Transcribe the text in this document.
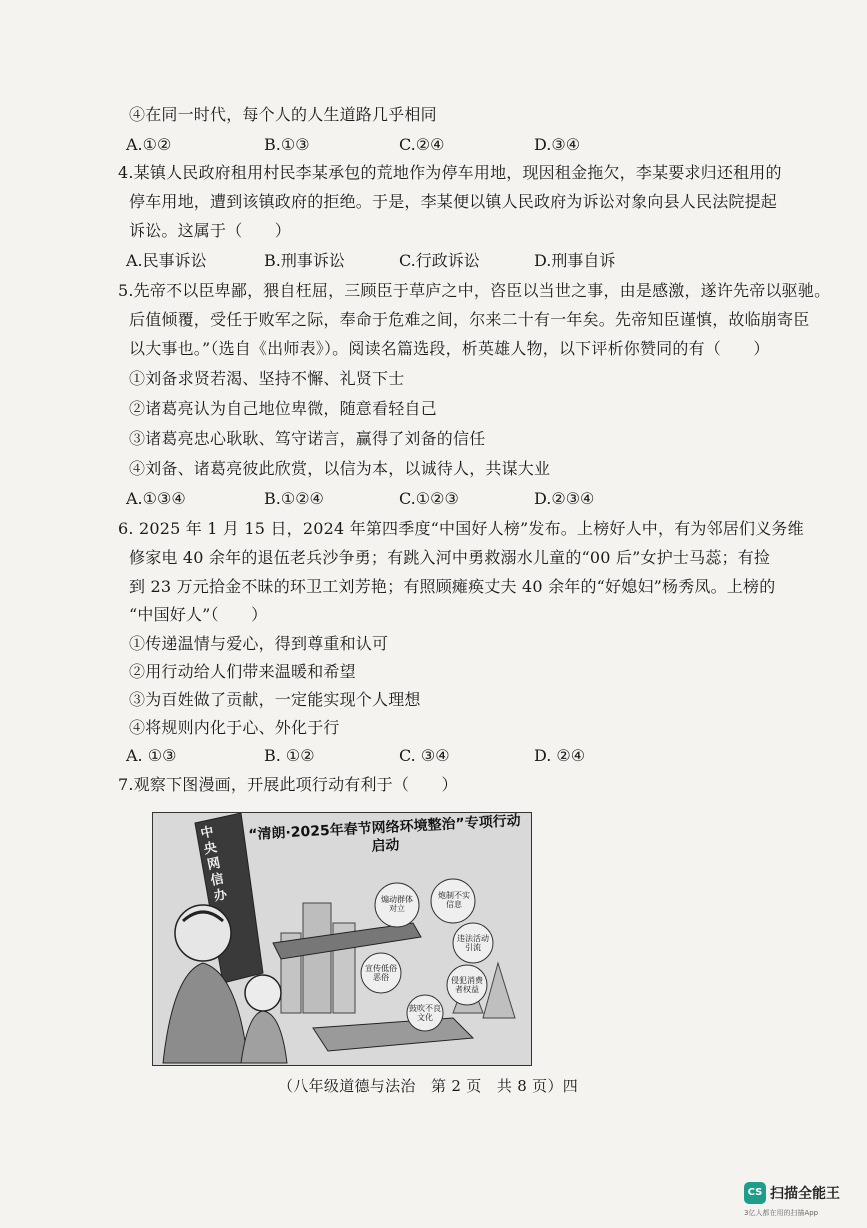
④在同一时代，每个人的人生道路几乎相同
A.①②	B.①③	C.②④	D.③④
4.某镇人民政府租用村民李某承包的荒地作为停车用地，现因租金拖欠，李某要求归还租用的
停车用地，遭到该镇政府的拒绝。于是，李某便以镇人民政府为诉讼对象向县人民法院提起
诉讼。这属于（　　）
A.民事诉讼	B.刑事诉讼	C.行政诉讼	D.刑事自诉
5.先帝不以臣卑鄙，猥自枉屈，三顾臣于草庐之中，咨臣以当世之事，由是感激，遂许先帝以驱驰。
后值倾覆，受任于败军之际，奉命于危难之间，尔来二十有一年矣。先帝知臣谨慎，故临崩寄臣
以大事也。”（选自《出师表》）。阅读名篇选段，析英雄人物，以下评析你赞同的有（　　）
①刘备求贤若渴、坚持不懈、礼贤下士
②诸葛亮认为自己地位卑微，随意看轻自己
③诸葛亮忠心耿耿、笃守诺言，赢得了刘备的信任
④刘备、诸葛亮彼此欣赏，以信为本，以诚待人，共谋大业
A.①③④	B.①②④	C.①②③	D.②③④
6. 2025 年 1 月 15 日，2024 年第四季度“中国好人榜”发布。上榜好人中，有为邻居们义务维
修家电 40 余年的退伍老兵沙争勇；有跳入河中勇救溺水儿童的“00 后”女护士马蕊；有捡
到 23 万元拾金不昧的环卫工刘芳艳；有照顾瘫痪丈夫 40 余年的“好媳妇”杨秀凤。上榜的
“中国好人”（　　）
①传递温情与爱心，得到尊重和认可
②用行动给人们带来温暖和希望
③为百姓做了贡献，一定能实现个人理想
④将规则内化于心、外化于行
A. ①③	B. ①②	C. ③④	D. ②④
7.观察下图漫画，开展此项行动有利于（　　）
中央网信办
“清朗·2025年春节网络环境整治”专项行动启动
炮制不实信息
煽动群体对立
违法活动引流
侵犯消费者权益
宣传低俗恶俗
鼓吹不良文化
（八年级道德与法治　第 2 页　共 8 页）四
CS 扫描全能王
3亿人都在用的扫描App
